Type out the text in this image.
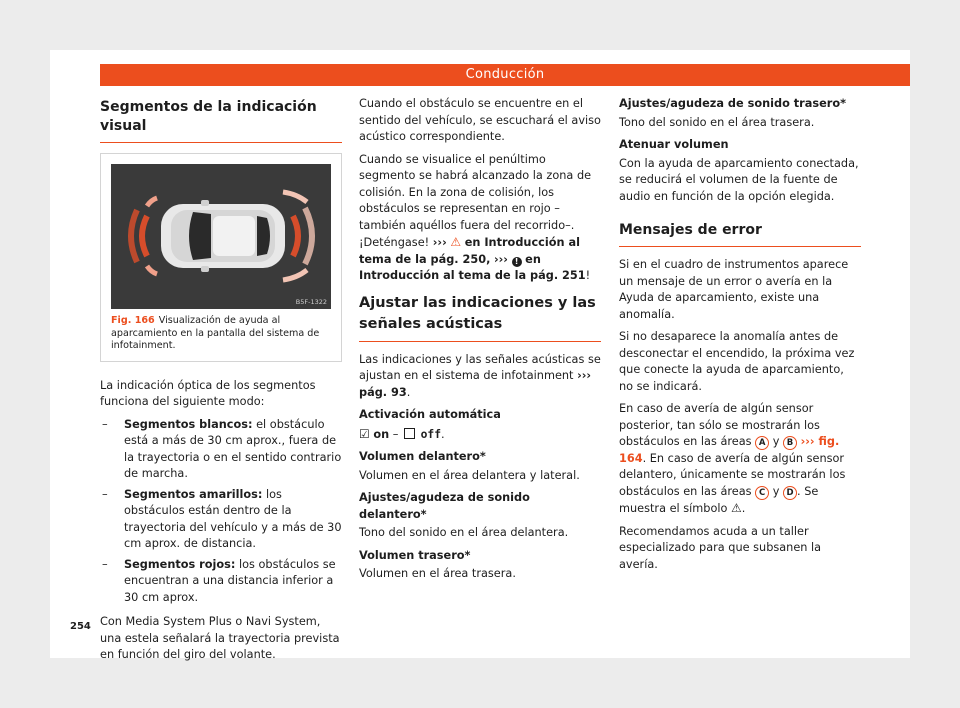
Conducción
Segmentos de la indicación visual
B5F-1322
Fig. 166 Visualización de ayuda al aparcamiento en la pantalla del sistema de infotainment.

La indicación óptica de los segmentos funciona del siguiente modo:

– Segmentos blancos: el obstáculo está a más de 30 cm aprox., fuera de la trayectoria o en el sentido contrario de marcha.
– Segmentos amarillos: los obstáculos están dentro de la trayectoria del vehículo y a más de 30 cm aprox. de distancia.
– Segmentos rojos: los obstáculos se encuentran a una distancia inferior a 30 cm aprox.

Con Media System Plus o Navi System, una estela señalará la trayectoria prevista en función del giro del volante.

Cuando el obstáculo se encuentre en el sentido del vehículo, se escuchará el aviso acústico correspondiente.

Cuando se visualice el penúltimo segmento se habrá alcanzado la zona de colisión. En la zona de colisión, los obstáculos se representan en rojo –también aquéllos fuera del recorrido–. ¡Deténgase! ››› ⚠ en Introducción al tema de la pág. 250, ››› ! en Introducción al tema de la pág. 251!

Ajustar las indicaciones y las señales acústicas

Las indicaciones y las señales acústicas se ajustan en el sistema de infotainment ››› pág. 93.

Activación automática

☑ on – off.

Volumen delantero*

Volumen en el área delantera y lateral.

Ajustes/agudeza de sonido delantero*

Tono del sonido en el área delantera.

Volumen trasero*

Volumen en el área trasera.

Ajustes/agudeza de sonido trasero*

Tono del sonido en el área trasera.

Atenuar volumen

Con la ayuda de aparcamiento conectada, se reducirá el volumen de la fuente de audio en función de la opción elegida.

Mensajes de error

Si en el cuadro de instrumentos aparece un mensaje de un error o avería en la Ayuda de aparcamiento, existe una anomalía.

Si no desaparece la anomalía antes de desconectar el encendido, la próxima vez que conecte la ayuda de aparcamiento, no se indicará.

En caso de avería de algún sensor posterior, tan sólo se mostrarán los obstáculos en las áreas A y B ››› fig. 164. En caso de avería de algún sensor delantero, únicamente se mostrarán los obstáculos en las áreas C y D . Se muestra el símbolo ⚠.

Recomendamos acuda a un taller especializado para que subsanen la avería.

254
